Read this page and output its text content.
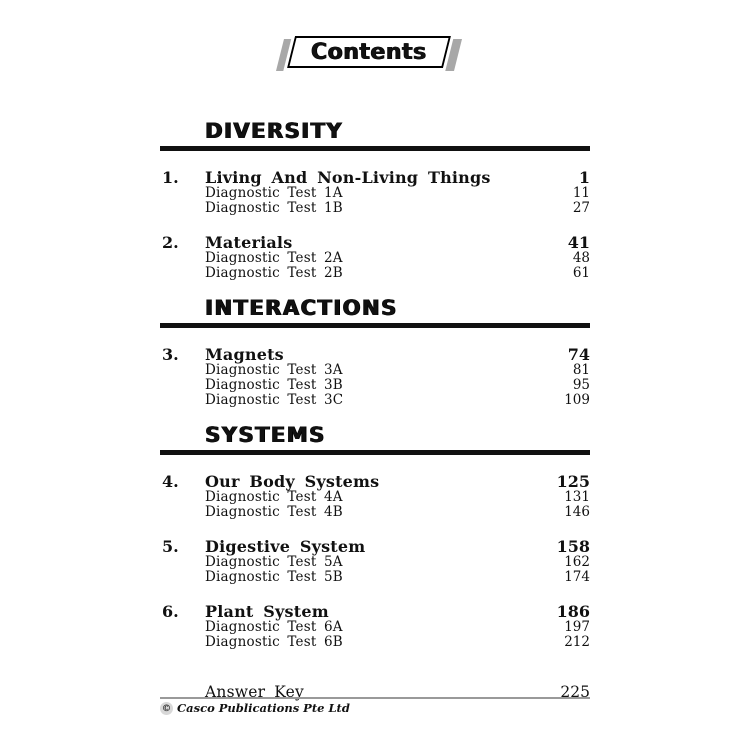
Contents
DIVERSITY
1.	Living And Non-Living Things	1
Diagnostic Test 1A	11
Diagnostic Test 1B	27
2.	Materials	41
Diagnostic Test 2A	48
Diagnostic Test 2B	61
INTERACTIONS
3.	Magnets	74
Diagnostic Test 3A	81
Diagnostic Test 3B	95
Diagnostic Test 3C	109
SYSTEMS
4.	Our Body Systems	125
Diagnostic Test 4A	131
Diagnostic Test 4B	146
5.	Digestive System	158
Diagnostic Test 5A	162
Diagnostic Test 5B	174
6.	Plant System	186
Diagnostic Test 6A	197
Diagnostic Test 6B	212
Answer Key	225
© Casco Publications Pte Ltd
